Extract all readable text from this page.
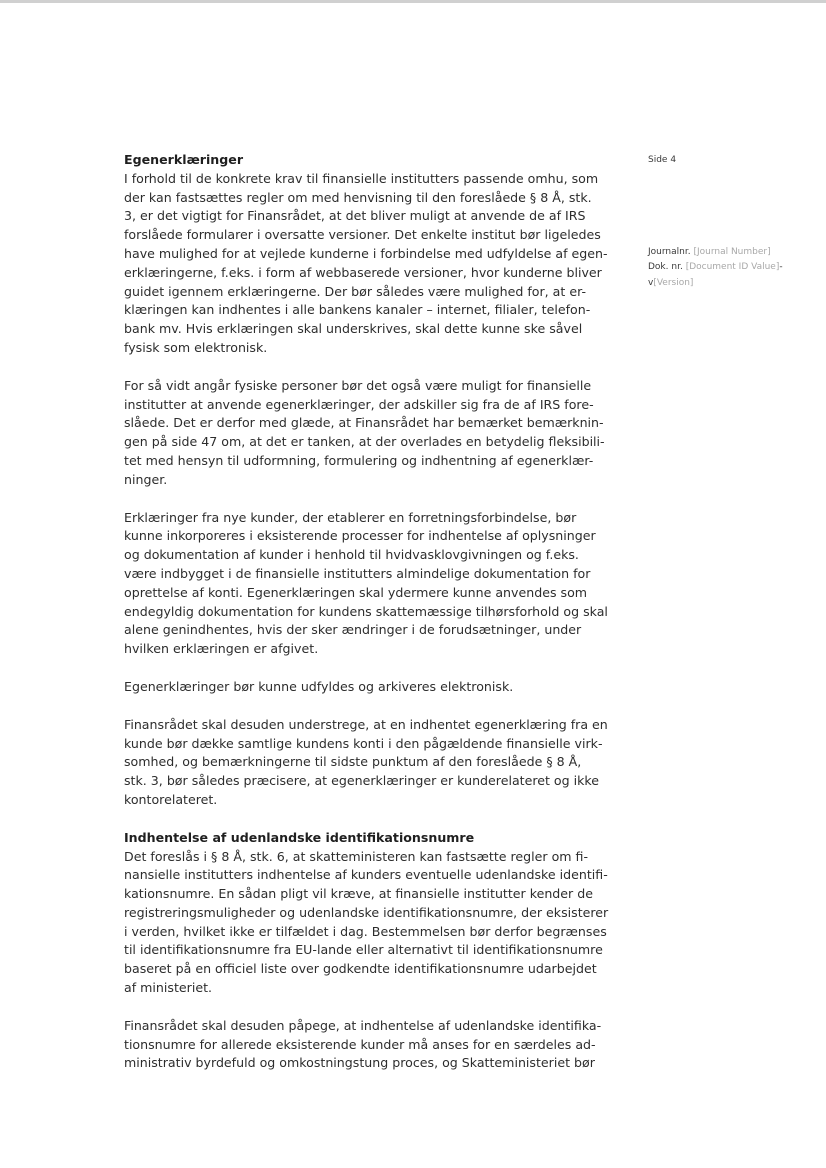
Egenerklæringer
I forhold til de konkrete krav til finansielle institutters passende omhu, som
der kan fastsættes regler om med henvisning til den foreslåede § 8 Å, stk.
3, er det vigtigt for Finansrådet, at det bliver muligt at anvende de af IRS
forslåede formularer i oversatte versioner. Det enkelte institut bør ligeledes
have mulighed for at vejlede kunderne i forbindelse med udfyldelse af egen-
erklæringerne, f.eks. i form af webbaserede versioner, hvor kunderne bliver
guidet igennem erklæringerne. Der bør således være mulighed for, at er-
klæringen kan indhentes i alle bankens kanaler – internet, filialer, telefon-
bank mv. Hvis erklæringen skal underskrives, skal dette kunne ske såvel
fysisk som elektronisk.
For så vidt angår fysiske personer bør det også være muligt for finansielle
institutter at anvende egenerklæringer, der adskiller sig fra de af IRS fore-
slåede. Det er derfor med glæde, at Finansrådet har bemærket bemærknin-
gen på side 47 om, at det er tanken, at der overlades en betydelig fleksibili-
tet med hensyn til udformning, formulering og indhentning af egenerklær-
ninger.
Erklæringer fra nye kunder, der etablerer en forretningsforbindelse, bør
kunne inkorporeres i eksisterende processer for indhentelse af oplysninger
og dokumentation af kunder i henhold til hvidvasklovgivningen og f.eks.
være indbygget i de finansielle institutters almindelige dokumentation for
oprettelse af konti. Egenerklæringen skal ydermere kunne anvendes som
endegyldig dokumentation for kundens skattemæssige tilhørsforhold og skal
alene genindhentes, hvis der sker ændringer i de forudsætninger, under
hvilken erklæringen er afgivet.
Egenerklæringer bør kunne udfyldes og arkiveres elektronisk.
Finansrådet skal desuden understrege, at en indhentet egenerklæring fra en
kunde bør dække samtlige kundens konti i den pågældende finansielle virk-
somhed, og bemærkningerne til sidste punktum af den foreslåede § 8 Å,
stk. 3, bør således præcisere, at egenerklæringer er kunderelateret og ikke
kontorelateret.
Indhentelse af udenlandske identifikationsnumre
Det foreslås i § 8 Å, stk. 6, at skatteministeren kan fastsætte regler om fi-
nansielle institutters indhentelse af kunders eventuelle udenlandske identifi-
kationsnumre. En sådan pligt vil kræve, at finansielle institutter kender de
registreringsmuligheder og udenlandske identifikationsnumre, der eksisterer
i verden, hvilket ikke er tilfældet i dag. Bestemmelsen bør derfor begrænses
til identifikationsnumre fra EU-lande eller alternativt til identifikationsnumre
baseret på en officiel liste over godkendte identifikationsnumre udarbejdet
af ministeriet.
Finansrådet skal desuden påpege, at indhentelse af udenlandske identifika-
tionsnumre for allerede eksisterende kunder må anses for en særdeles ad-
ministrativ byrdefuld og omkostningstung proces, og Skatteministeriet bør
Side 4
Journalnr. [Journal Number]
Dok. nr. [Document ID Value]-
v[Version]
